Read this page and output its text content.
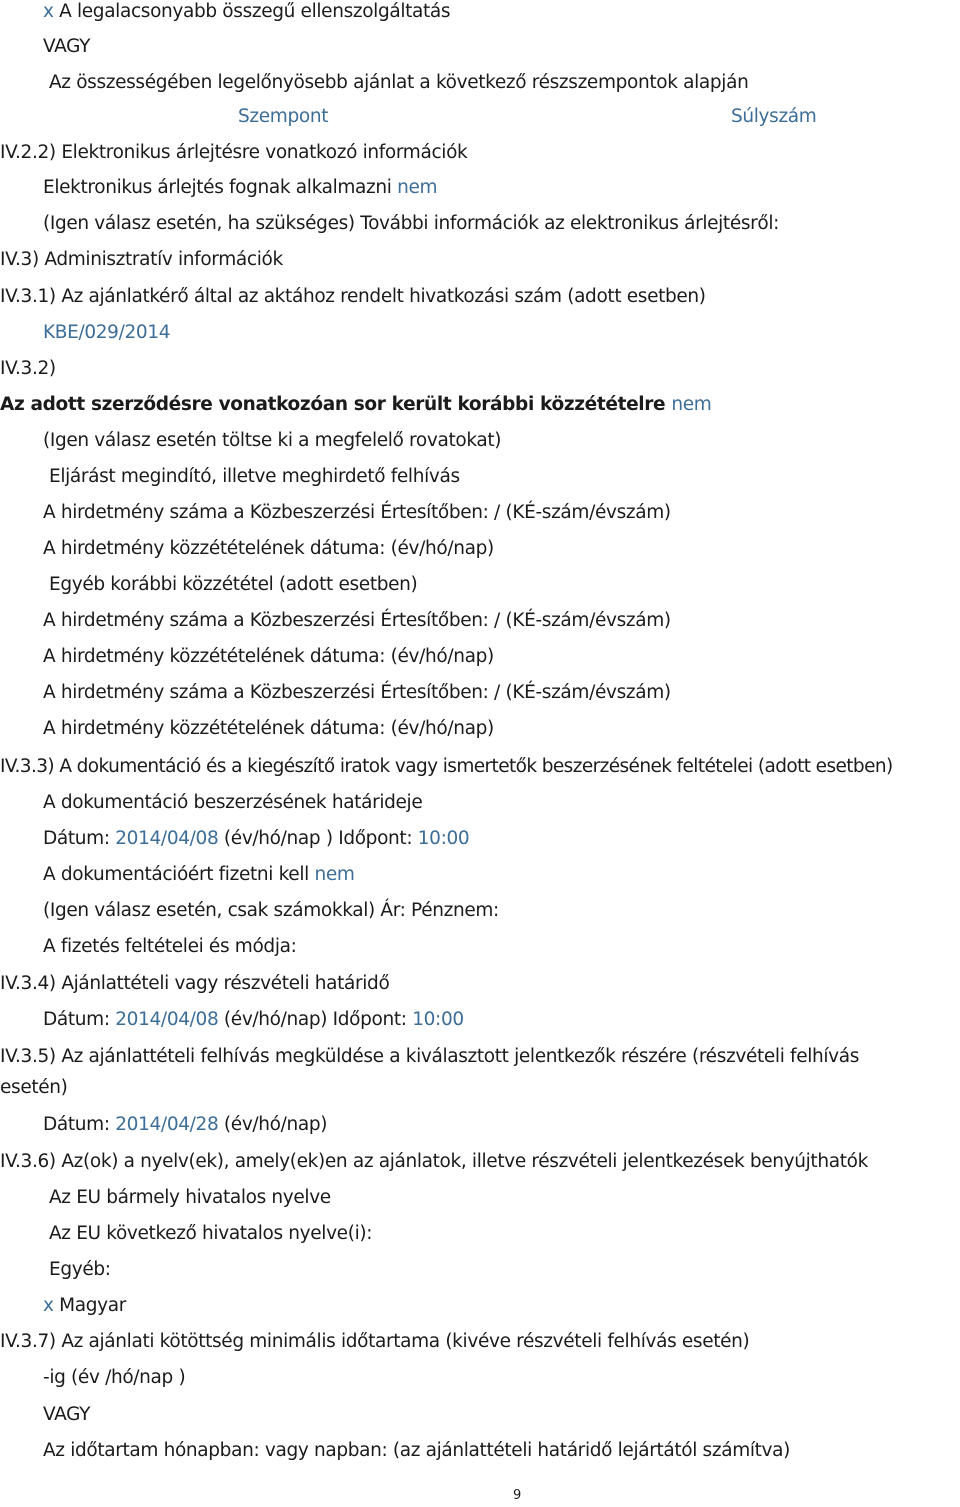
x A legalacsonyabb összegű ellenszolgáltatás
VAGY
Az összességében legelőnyösebb ajánlat a következő részszempontok alapján
Szempont	Súlyszám
IV.2.2) Elektronikus árlejtésre vonatkozó információk
Elektronikus árlejtés fognak alkalmazni nem
(Igen válasz esetén, ha szükséges) További információk az elektronikus árlejtésről:
IV.3) Adminisztratív információk
IV.3.1) Az ajánlatkérő által az aktához rendelt hivatkozási szám (adott esetben)
KBE/029/2014
IV.3.2)
Az adott szerződésre vonatkozóan sor került korábbi közzétételre nem
(Igen válasz esetén töltse ki a megfelelő rovatokat)
Eljárást megindító, illetve meghirdető felhívás
A hirdetmény száma a Közbeszerzési Értesítőben: / (KÉ-szám/évszám)
A hirdetmény közzétételének dátuma: (év/hó/nap)
Egyéb korábbi közzététel (adott esetben)
A hirdetmény száma a Közbeszerzési Értesítőben: / (KÉ-szám/évszám)
A hirdetmény közzétételének dátuma: (év/hó/nap)
A hirdetmény száma a Közbeszerzési Értesítőben: / (KÉ-szám/évszám)
A hirdetmény közzétételének dátuma: (év/hó/nap)
IV.3.3) A dokumentáció és a kiegészítő iratok vagy ismertetők beszerzésének feltételei (adott esetben)
A dokumentáció beszerzésének határideje
Dátum: 2014/04/08 (év/hó/nap ) Időpont: 10:00
A dokumentációért fizetni kell nem
(Igen válasz esetén, csak számokkal) Ár: Pénznem:
A fizetés feltételei és módja:
IV.3.4) Ajánlattételi vagy részvételi határidő
Dátum: 2014/04/08 (év/hó/nap) Időpont: 10:00
IV.3.5) Az ajánlattételi felhívás megküldése a kiválasztott jelentkezők részére (részvételi felhívás
esetén)
Dátum: 2014/04/28 (év/hó/nap)
IV.3.6) Az(ok) a nyelv(ek), amely(ek)en az ajánlatok, illetve részvételi jelentkezések benyújthatók
Az EU bármely hivatalos nyelve
Az EU következő hivatalos nyelve(i):
Egyéb:
x Magyar
IV.3.7) Az ajánlati kötöttség minimális időtartama (kivéve részvételi felhívás esetén)
-ig (év /hó/nap )
VAGY
Az időtartam hónapban: vagy napban: (az ajánlattételi határidő lejártától számítva)
9
